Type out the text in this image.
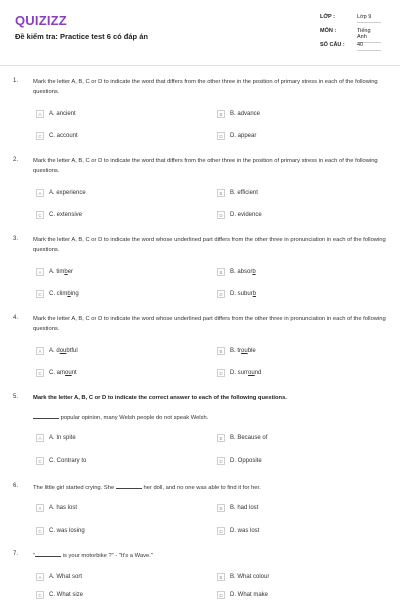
QUIZIZZ
Đề kiểm tra: Practice test 6 có đáp án
LỚP :	Lớp 9
MÔN :	Tiếng Anh
SỐ CÂU :	40
1.	Mark the letter A, B, C or D to indicate the word that differs from the other three in the position of primary stress in each of the following questions.
A	A. ancient	B	B. advance
C	C. account	D	D. appear
2.	Mark the letter A, B, C or D to indicate the word that differs from the other three in the position of primary stress in each of the following questions.
A	A. experience	B	B. efficient
C	C. extensive	D	D. evidence
3.	Mark the letter A, B, C or D to indicate the word whose underlined part differs from the other three in pronunciation in each of the following questions.
A	A. timber	B	B. absorb
C	C. climbing	D	D. suburb
4.	Mark the letter A, B, C or D to indicate the word whose underlined part differs from the other three in pronunciation in each of the following questions.
A	A. doubtful	B	B. trouble
C	C. amount	D	D. surround
5.	Mark the letter A, B, C or D to indicate the correct answer to each of the following questions.
popular opinion, many Welsh people do not speak Welsh.
A	A. In spite	B	B. Because of
C	C. Contrary to	D	D. Opposite
6.	The little girl started crying. She	her doll, and no one was able to find it for her.
A	A. has lost	B	B. had lost
C	C. was losing	D	D. was lost
7.	"	is your motorbike ?" - "It's a Wave."
A	A. What sort	B	B. What colour
C	C. What size	D	D. What make
